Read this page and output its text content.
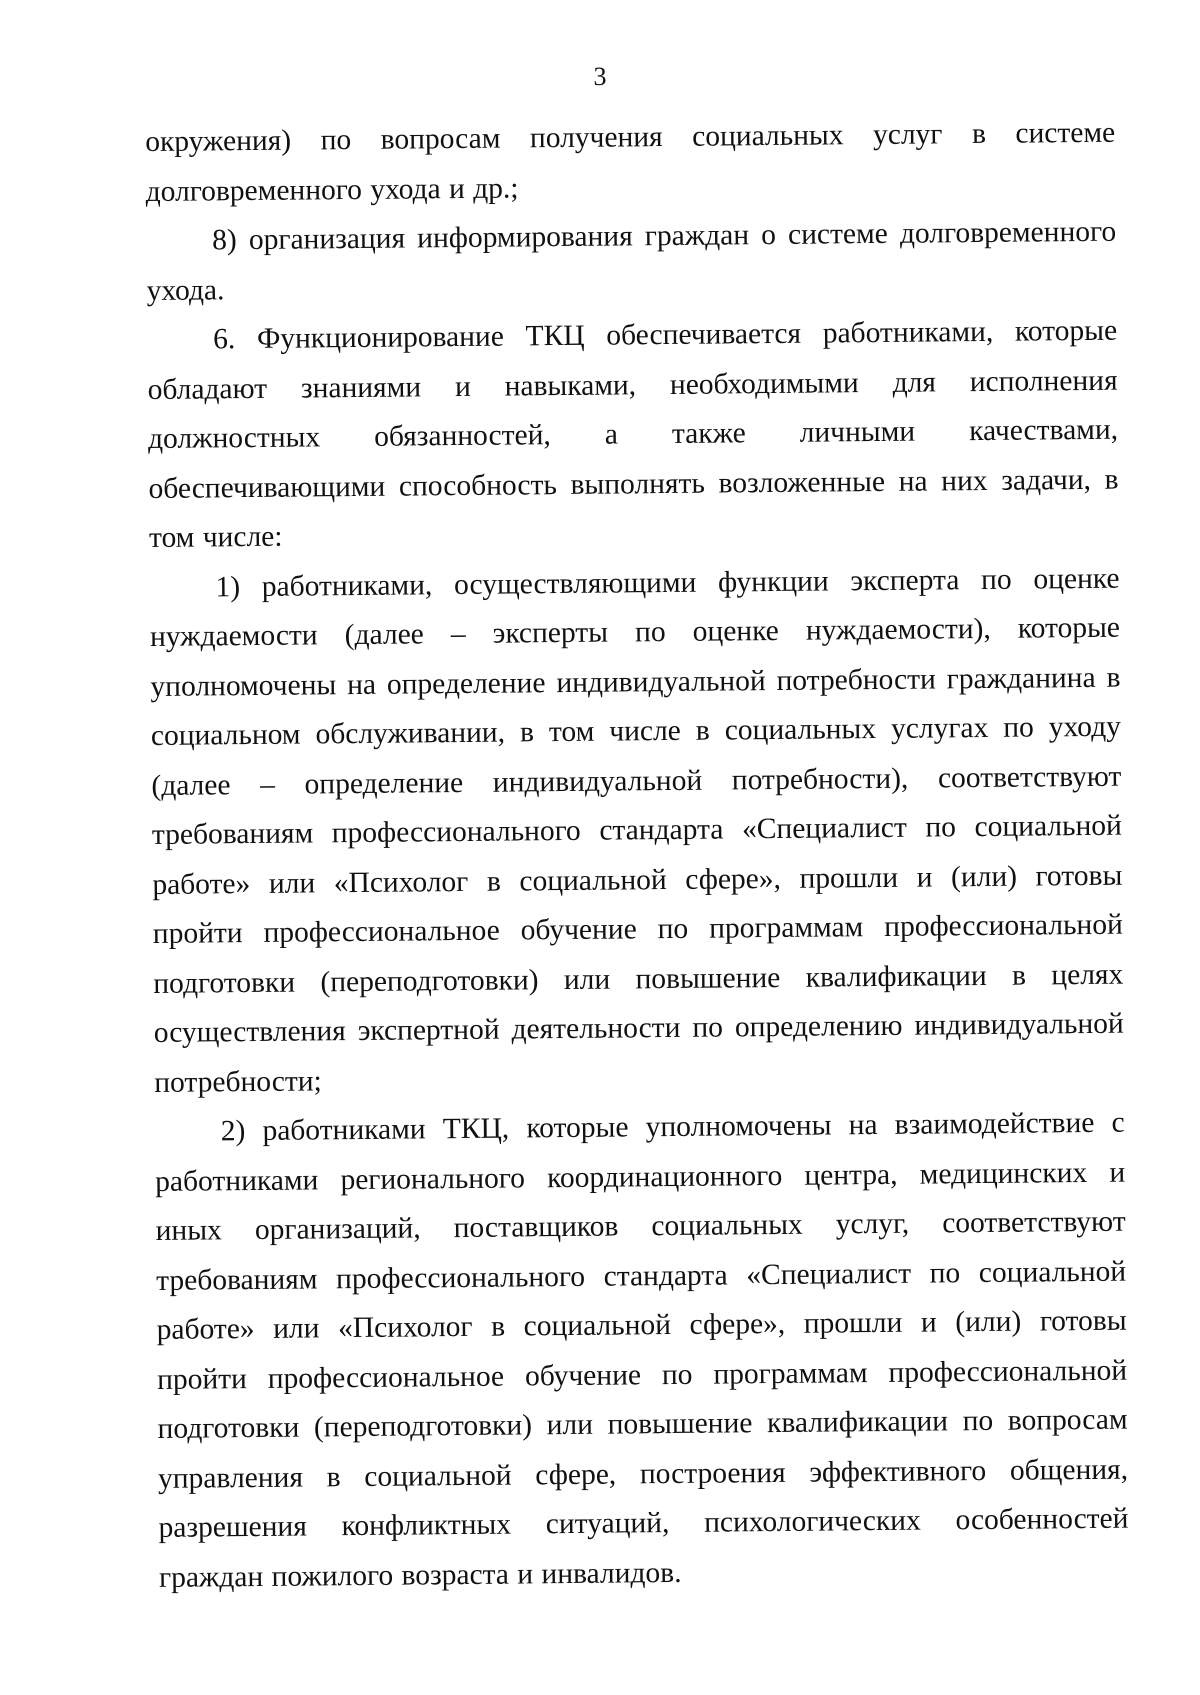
3

окружения) по вопросам получения социальных услуг в системе долговременного ухода и др.;

8) организация информирования граждан о системе долговременного ухода.

6. Функционирование ТКЦ обеспечивается работниками, которые обладают знаниями и навыками, необходимыми для исполнения должностных обязанностей, а также личными качествами, обеспечивающими способность выполнять возложенные на них задачи, в том числе:

1) работниками, осуществляющими функции эксперта по оценке нуждаемости (далее – эксперты по оценке нуждаемости), которые уполномочены на определение индивидуальной потребности гражданина в социальном обслуживании, в том числе в социальных услугах по уходу (далее – определение индивидуальной потребности), соответствуют требованиям профессионального стандарта «Специалист по социальной работе» или «Психолог в социальной сфере», прошли и (или) готовы пройти профессиональное обучение по программам профессиональной подготовки (переподготовки) или повышение квалификации в целях осуществления экспертной деятельности по определению индивидуальной потребности;

2) работниками ТКЦ, которые уполномочены на взаимодействие с работниками регионального координационного центра, медицинских и иных организаций, поставщиков социальных услуг, соответствуют требованиям профессионального стандарта «Специалист по социальной работе» или «Психолог в социальной сфере», прошли и (или) готовы пройти профессиональное обучение по программам профессиональной подготовки (переподготовки) или повышение квалификации по вопросам управления в социальной сфере, построения эффективного общения, разрешения конфликтных ситуаций, психологических особенностей граждан пожилого возраста и инвалидов.
